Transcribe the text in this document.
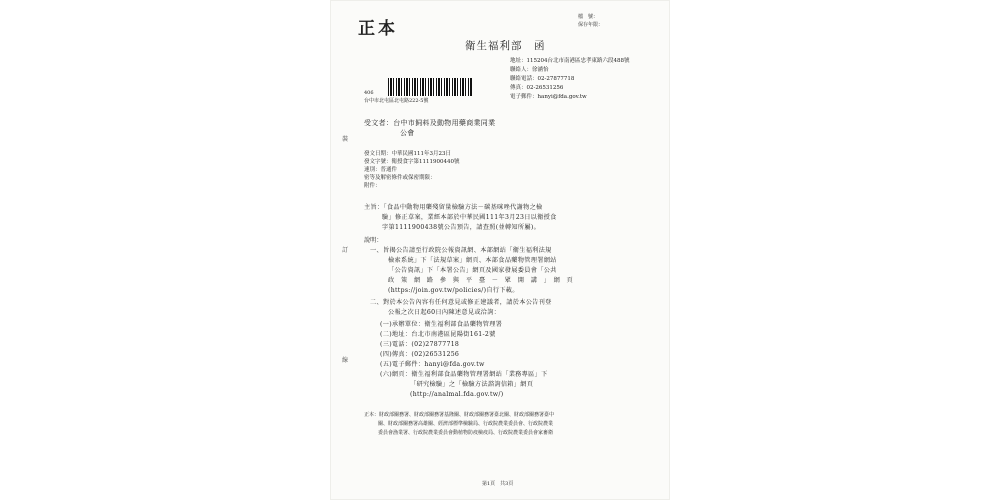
正本
檔　號：
保存年限：
衛生福利部　函
地址：115204台北市南港區忠孝東路六段488號
聯絡人：徐涵怡
聯絡電話：02-27877718
傳真：02-26531256
電子郵件：hanyi@fda.gov.tw
406
台中市北屯區北屯路222-5號
裝
訂
線
受文者：台中市飼料及動物用藥商業同業
公會
發文日期：中華民國111年3月23日
發文字號：衛授食字第1111900440號
速別：普通件
密等及解密條件或保密期限：
附件：
主旨：「食品中動物用藥殘留量檢驗方法－碳基咪唑代謝物之檢
驗」修正草案，業經本部於中華民國111年3月23日以衛授食
字第1111900438號公告預告，請查照(並轉知所屬)。
說明：
一、旨揭公告請至行政院公報資訊網、本部網站「衛生福利法規
檢索系統」下「法規草案」網頁、本部食品藥物管理署網站
「公告資訊」下「本署公告」網頁及國家發展委員會「公共
政　策　網　路　參　與　平　臺　－　眾　開　講　」　網　頁
(https://join.gov.tw/policies/)自行下載。
二、對於本公告內容有任何意見或修正建議者，請於本公告刊登
公報之次日起60日內陳述意見或洽詢：
(一)承辦單位：衛生福利部食品藥物管理署
(二)地址：台北市南港區昆陽街161-2號
(三)電話：(02)27877718
(四)傳真：(02)26531256
(五)電子郵件：hanyi@fda.gov.tw
(六)網頁：衛生福利部食品藥物管理署網站「業務專區」下
「研究檢驗」之「檢驗方法諮詢信箱」網頁
(http://analmal.fda.gov.tw/)
正本：財政部關務署、財政部關務署基隆關、財政部關務署臺北關、財政部關務署臺中
關、財政部關務署高雄關、經濟部標準檢驗局、行政院農業委員會、行政院農業
委員會漁業署、行政院農業委員會動植物防疫檢疫局、行政院農業委員會家畜衛
第1頁　共3頁
